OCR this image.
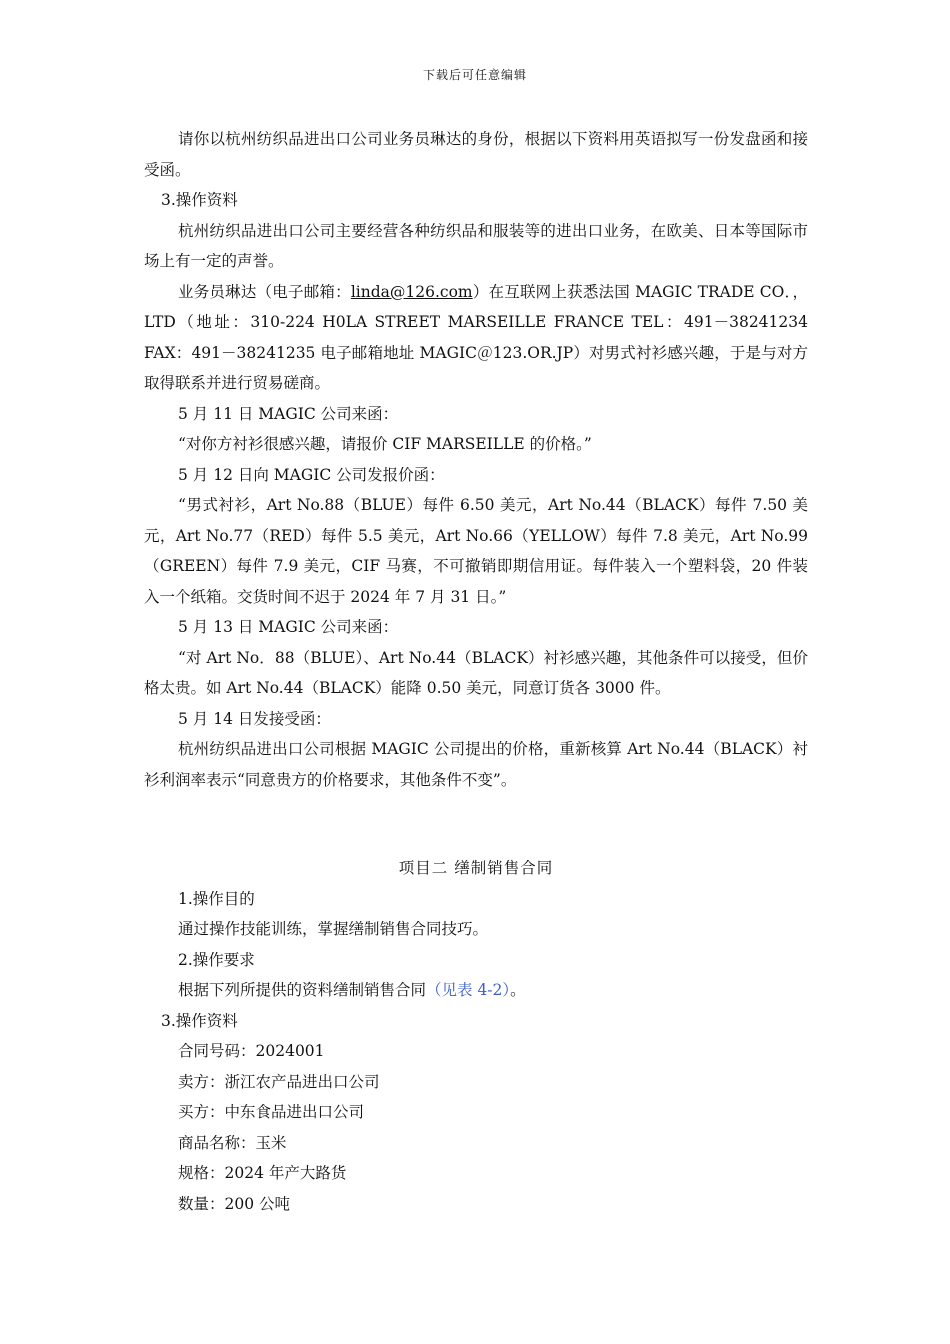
下载后可任意编辑

请你以杭州纺织品进出口公司业务员琳达的身份，根据以下资料用英语拟写一份发盘函和接受函。

3.操作资料

杭州纺织品进出口公司主要经营各种纺织品和服装等的进出口业务，在欧美、日本等国际市场上有一定的声誉。

业务员琳达（电子邮箱：linda@126.com）在互联网上获悉法国 MAGIC TRADE CO．，LTD（地址：310-224 H0LA STREET MARSEILLE FRANCE TEL：491－38241234 FAX：491－38241235 电子邮箱地址 MAGIC＠123.OR.JP）对男式衬衫感兴趣，于是与对方取得联系并进行贸易磋商。

5 月 11 日 MAGIC 公司来函：

“对你方衬衫很感兴趣，请报价 CIF MARSEILLE 的价格。”

5 月 12 日向 MAGIC 公司发报价函：

“男式衬衫，Art No.88（BLUE）每件 6.50 美元，Art No.44（BLACK）每件 7.50 美元，Art No.77（RED）每件 5.5 美元，Art No.66（YELLOW）每件 7.8 美元，Art No.99（GREEN）每件 7.9 美元，CIF 马赛，不可撤销即期信用证。每件装入一个塑料袋，20 件装入一个纸箱。交货时间不迟于 2024 年 7 月 31 日。”

5 月 13 日 MAGIC 公司来函：

“对 Art No．88（BLUE）、Art No.44（BLACK）衬衫感兴趣，其他条件可以接受，但价格太贵。如 Art No.44（BLACK）能降 0.50 美元，同意订货各 3000 件。

5 月 14 日发接受函：

杭州纺织品进出口公司根据 MAGIC 公司提出的价格，重新核算 Art No.44（BLACK）衬衫利润率表示“同意贵方的价格要求，其他条件不变”。

项目二 缮制销售合同

1.操作目的

通过操作技能训练，掌握缮制销售合同技巧。

2.操作要求

根据下列所提供的资料缮制销售合同（见表 4-2）。

3.操作资料

合同号码：2024001

卖方：浙江农产品进出口公司

买方：中东食品进出口公司

商品名称：玉米

规格：2024 年产大路货

数量：200 公吨
